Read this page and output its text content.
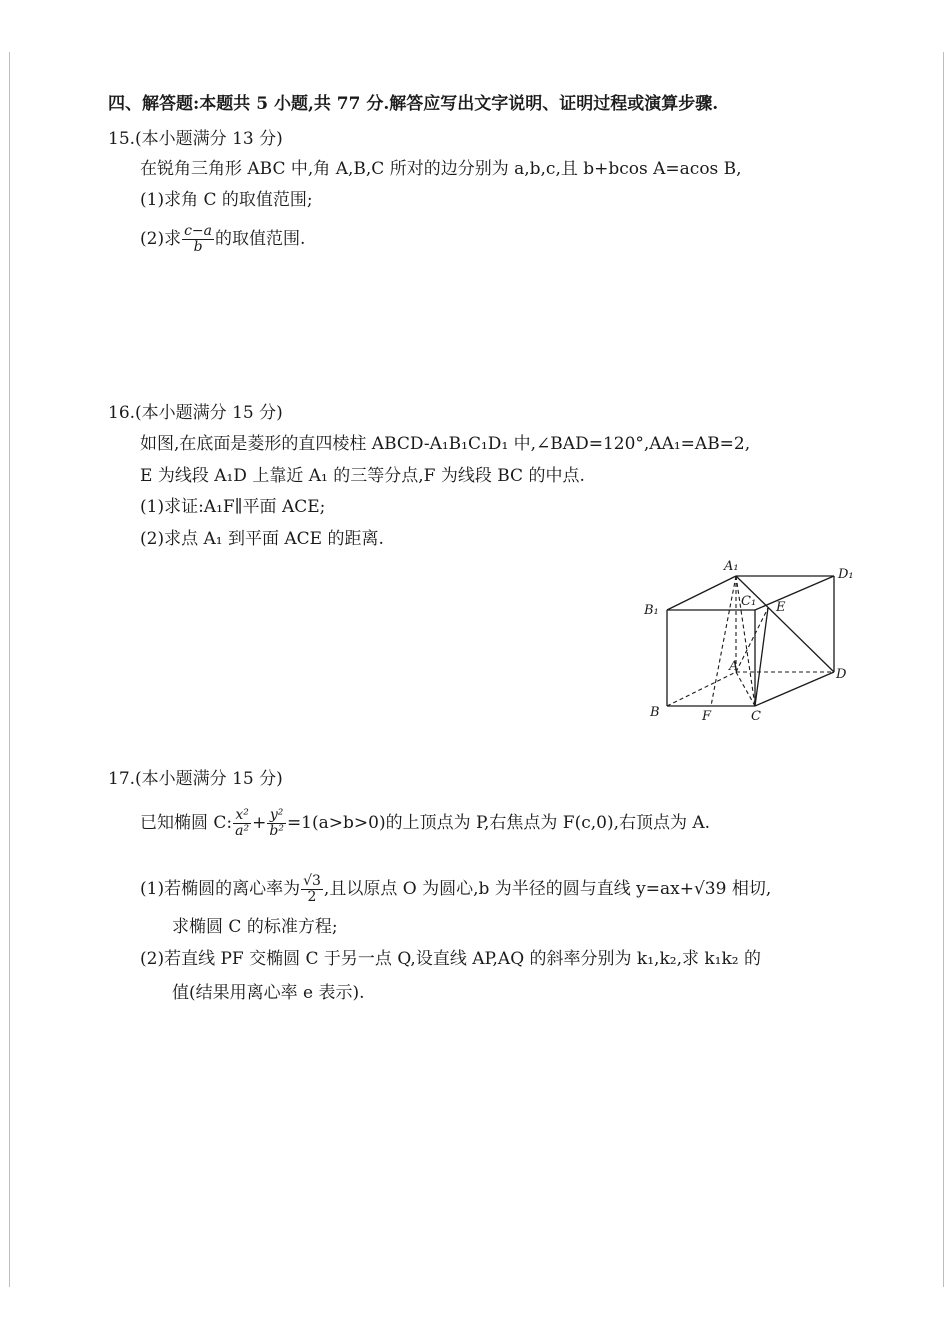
四、解答题:本题共 5 小题,共 77 分.解答应写出文字说明、证明过程或演算步骤.
15.(本小题满分 13 分)
在锐角三角形 ABC 中,角 A,B,C 所对的边分别为 a,b,c,且 b+bcos A=acos B,
(1)求角 C 的取值范围;
(2)求 $\frac{c-a}{b}$ 的取值范围.
16.(本小题满分 15 分)
如图,在底面是菱形的直四棱柱 ABCD-A₁B₁C₁D₁ 中,∠BAD=120°,AA₁=AB=2,
E 为线段 A₁D 上靠近 A₁ 的三等分点,F 为线段 BC 的中点.
(1)求证:A₁F∥平面 ACE;
(2)求点 A₁ 到平面 ACE 的距离.
A₁
D₁
B₁
C₁ E
A
D
B	F	C
17.(本小题满分 15 分)
已知椭圆 C: $\frac{\text{x²}}{\text{a²}} + \frac{\text{y²}}{\text{b²}} =1(a>b>0)$的上顶点为 P,右焦点为 F(c,0),右顶点为 A.
(1)若椭圆的离心率为 $\frac{√3}{2}$ ,且以原点 O 为圆心,b 为半径的圆与直线 y=ax+√39 相切,
求椭圆 C 的标准方程;
(2)若直线 PF 交椭圆 C 于另一点 Q,设直线 AP,AQ 的斜率分别为 k₁,k₂,求 k₁k₂ 的
值(结果用离心率 e 表示).
